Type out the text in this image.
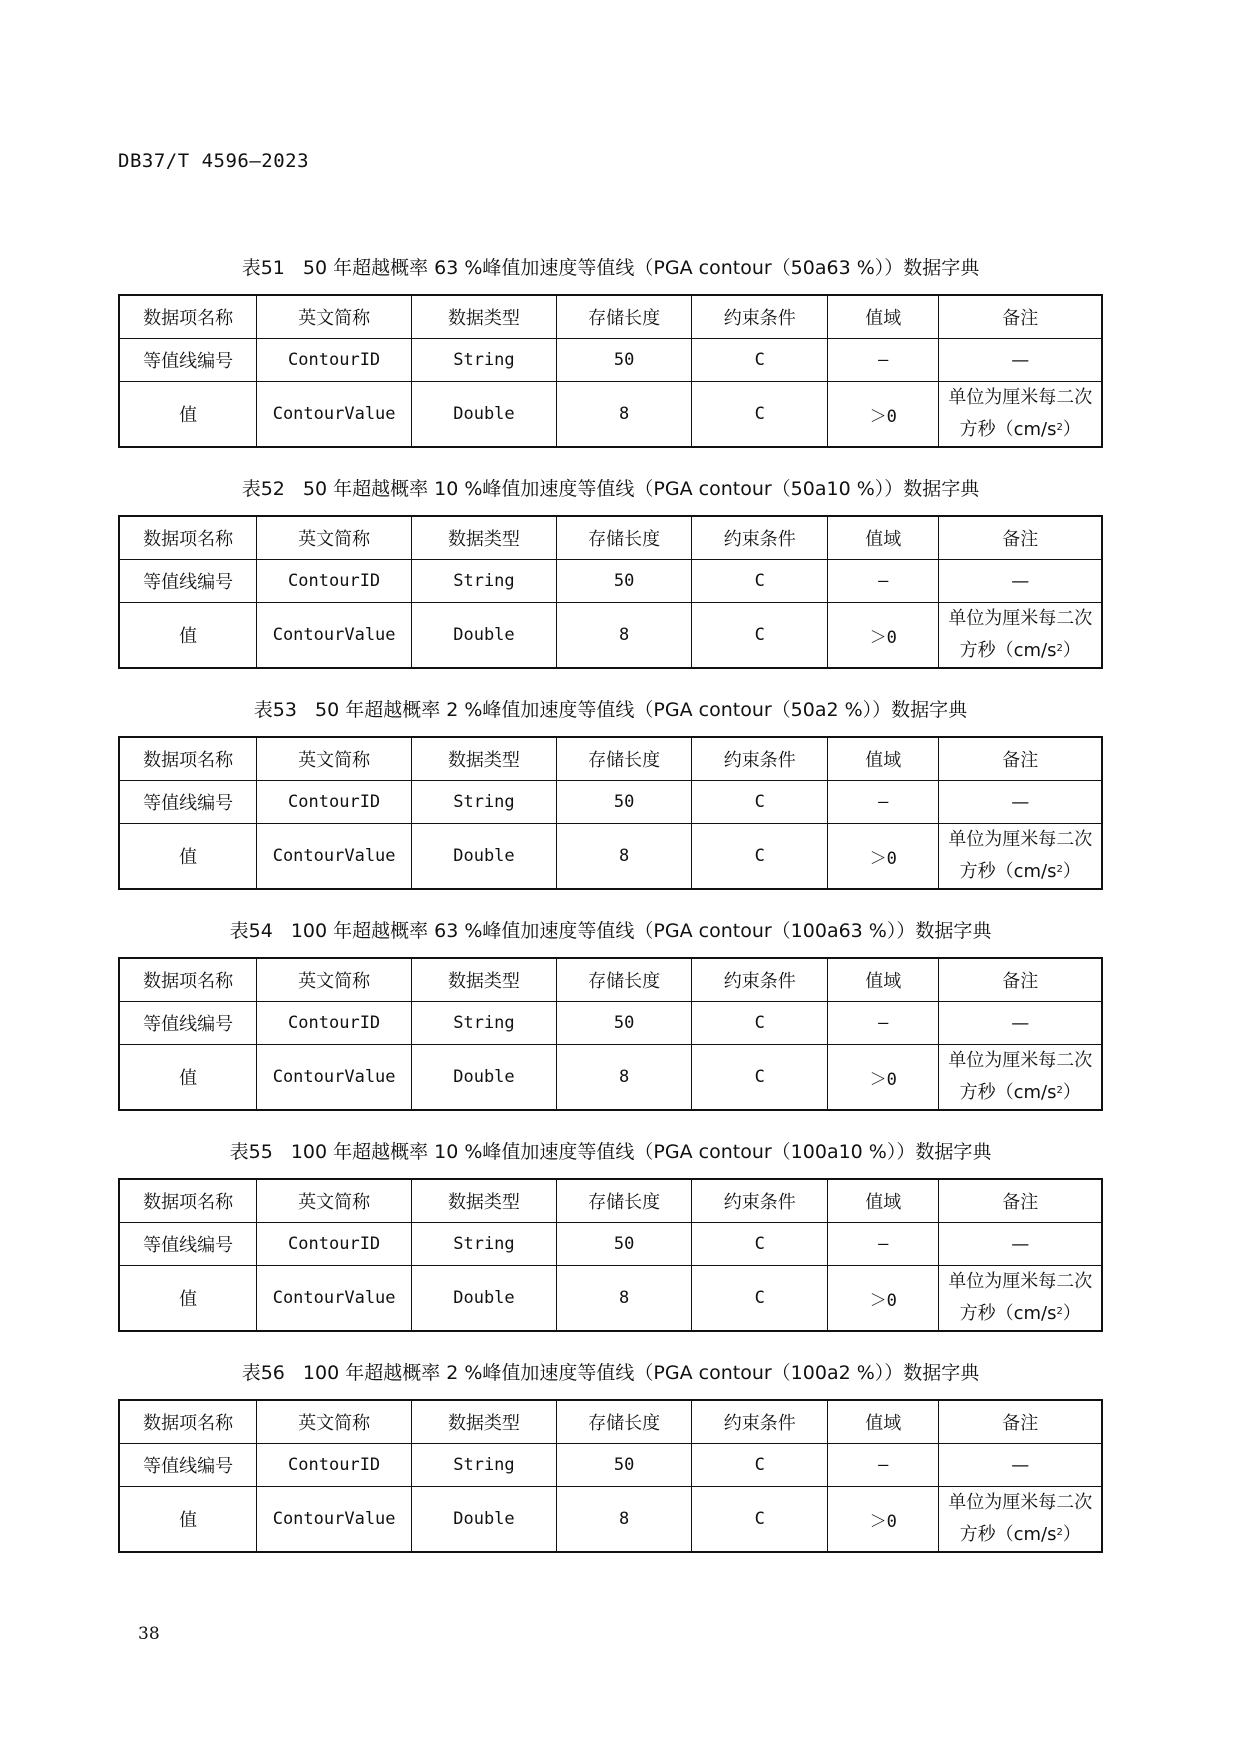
DB37/T 4596—2023
表51 50 年超越概率 63 %峰值加速度等值线（PGA contour（50a63 %））数据字典
数据项名称	英文简称	数据类型	存储长度	约束条件	值域	备注
等值线编号	ContourID	String	50	C	—	—
值	ContourValue	Double	8	C	＞0	单位为厘米每二次
方秒$(cm/s^2)$
表52 50 年超越概率 10 %峰值加速度等值线（PGA contour（50a10 %））数据字典
数据项名称	英文简称	数据类型	存储长度	约束条件	值域	备注
等值线编号	ContourID	String	50	C	—	—
值	ContourValue	Double	8	C	＞0	单位为厘米每二次
方秒$(cm/s^2)$
表53 50 年超越概率 2 %峰值加速度等值线（PGA contour（50a2 %））数据字典
数据项名称	英文简称	数据类型	存储长度	约束条件	值域	备注
等值线编号	ContourID	String	50	C	—	—
值	ContourValue	Double	8	C	＞0	单位为厘米每二次
方秒$(cm/s^2)$
表54 100 年超越概率 63 %峰值加速度等值线（PGA contour（100a63 %））数据字典
数据项名称	英文简称	数据类型	存储长度	约束条件	值域	备注
等值线编号	ContourID	String	50	C	—	—
值	ContourValue	Double	8	C	＞0	单位为厘米每二次
方秒$(cm/s^2)$
表55 100 年超越概率 10 %峰值加速度等值线（PGA contour（100a10 %））数据字典
数据项名称	英文简称	数据类型	存储长度	约束条件	值域	备注
等值线编号	ContourID	String	50	C	—	—
值	ContourValue	Double	8	C	＞0	单位为厘米每二次
方秒$(cm/s^2)$
表56 100 年超越概率 2 %峰值加速度等值线（PGA contour（100a2 %））数据字典
数据项名称	英文简称	数据类型	存储长度	约束条件	值域	备注
等值线编号	ContourID	String	50	C	—	—
值	ContourValue	Double	8	C	＞0	单位为厘米每二次
方秒$(cm/s^2)$
38
